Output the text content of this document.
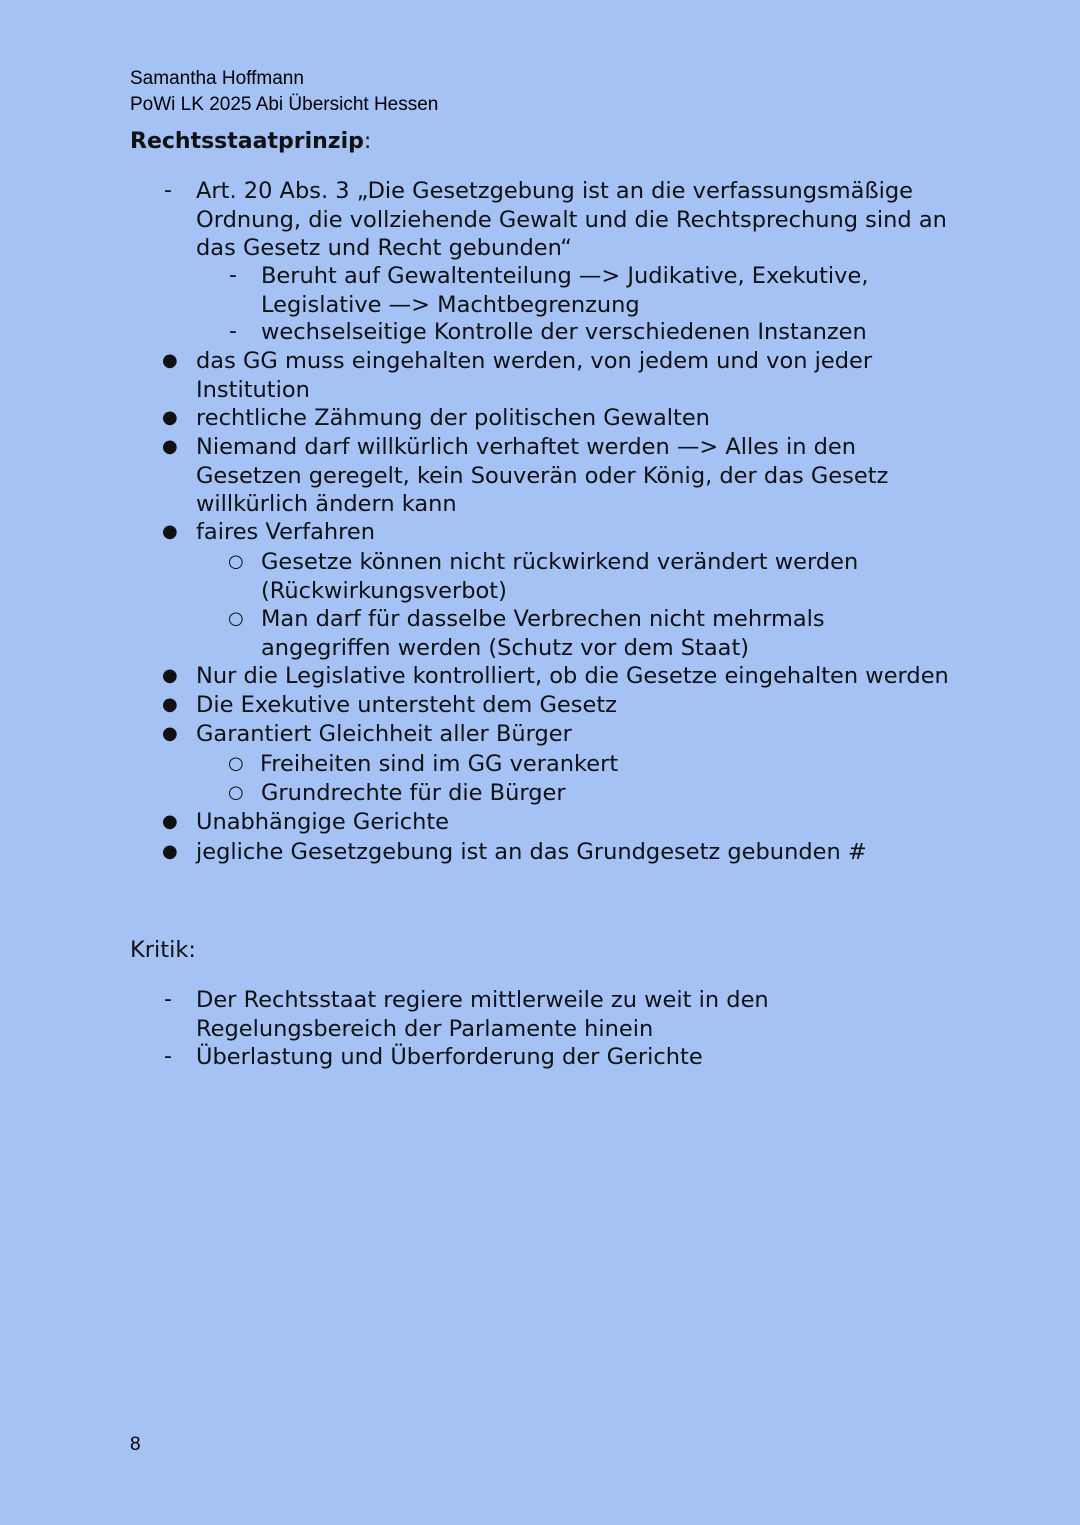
Samantha Hoffmann
PoWi LK 2025 Abi Übersicht Hessen
Rechtsstaatprinzip:
- Art. 20 Abs. 3 „Die Gesetzgebung ist an die verfassungsmäßige Ordnung, die vollziehende Gewalt und die Rechtsprechung sind an das Gesetz und Recht gebunden“
- Beruht auf Gewaltenteilung —> Judikative, Exekutive, Legislative —> Machtbegrenzung
- wechselseitige Kontrolle der verschiedenen Instanzen
● das GG muss eingehalten werden, von jedem und von jeder Institution
● rechtliche Zähmung der politischen Gewalten
● Niemand darf willkürlich verhaftet werden —> Alles in den Gesetzen geregelt, kein Souverän oder König, der das Gesetz willkürlich ändern kann
● faires Verfahren
○ Gesetze können nicht rückwirkend verändert werden (Rückwirkungsverbot)
○ Man darf für dasselbe Verbrechen nicht mehrmals angegriffen werden (Schutz vor dem Staat)
● Nur die Legislative kontrolliert, ob die Gesetze eingehalten werden
● Die Exekutive untersteht dem Gesetz
● Garantiert Gleichheit aller Bürger
○ Freiheiten sind im GG verankert
○ Grundrechte für die Bürger
● Unabhängige Gerichte
● jegliche Gesetzgebung ist an das Grundgesetz gebunden #
Kritik:
- Der Rechtsstaat regiere mittlerweile zu weit in den Regelungsbereich der Parlamente hinein
- Überlastung und Überforderung der Gerichte
8
